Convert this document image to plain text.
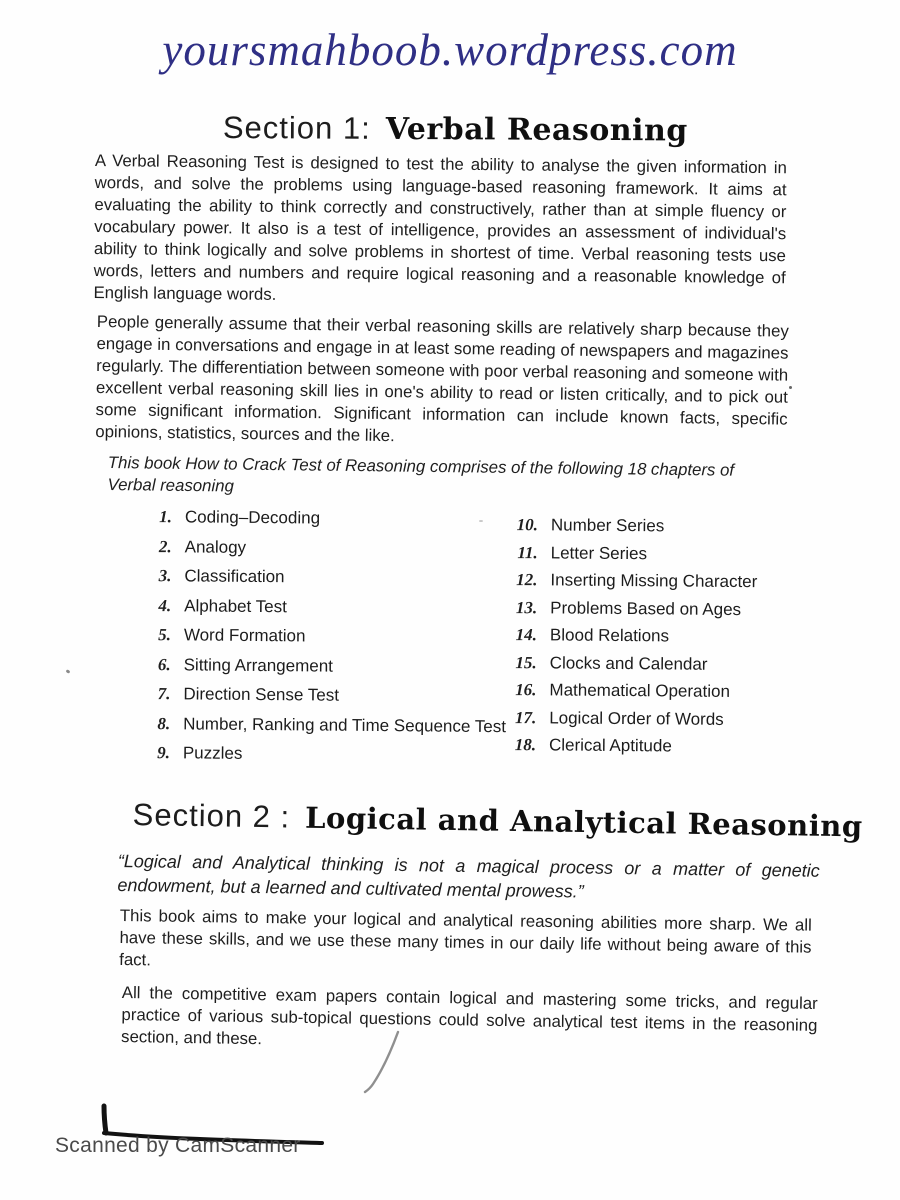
yoursmahboob.wordpress.com
Section 1: Verbal Reasoning
A Verbal Reasoning Test is designed to test the ability to analyse the given information in words, and solve the problems using language-based reasoning framework. It aims at evaluating the ability to think correctly and constructively, rather than at simple fluency or vocabulary power. It also is a test of intelligence, provides an assessment of individual's ability to think logically and solve problems in shortest of time. Verbal reasoning tests use words, letters and numbers and require logical reasoning and a reasonable knowledge of English language words.
People generally assume that their verbal reasoning skills are relatively sharp because they engage in conversations and engage in at least some reading of newspapers and magazines regularly. The differentiation between someone with poor verbal reasoning and someone with excellent verbal reasoning skill lies in one's ability to read or listen critically, and to pick out some significant information. Significant information can include known facts, specific opinions, statistics, sources and the like.
This book How to Crack Test of Reasoning comprises of the following 18 chapters of Verbal reasoning
1. Coding–Decoding
2. Analogy
3. Classification
4. Alphabet Test
5. Word Formation
6. Sitting Arrangement
7. Direction Sense Test
8. Number, Ranking and Time Sequence Test
9. Puzzles
10. Number Series
11. Letter Series
12. Inserting Missing Character
13. Problems Based on Ages
14. Blood Relations
15. Clocks and Calendar
16. Mathematical Operation
17. Logical Order of Words
18. Clerical Aptitude
Section 2 : Logical and Analytical Reasoning
“Logical and Analytical thinking is not a magical process or a matter of genetic endowment, but a learned and cultivated mental prowess.”
This book aims to make your logical and analytical reasoning abilities more sharp. We all have these skills, and we use these many times in our daily life without being aware of this fact.
All the competitive exam papers contain logical and mastering some tricks, and regular practice of various sub-topical questions could solve analytical test items in the reasoning section, and these.
Scanned by CamScanner
